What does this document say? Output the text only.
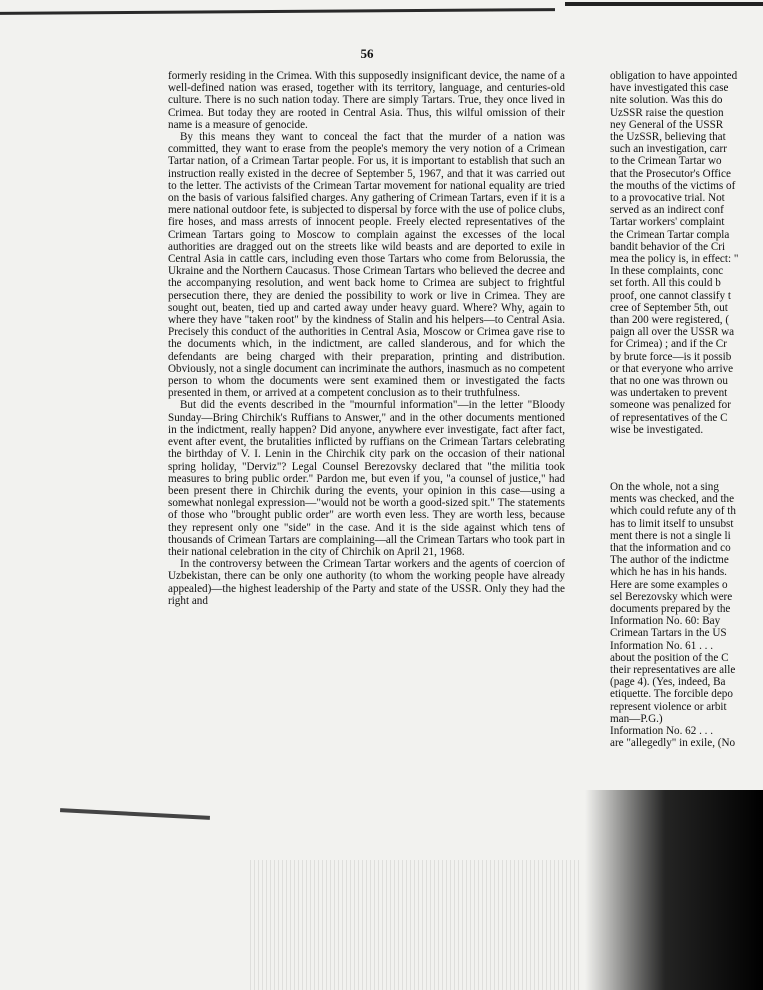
56

formerly residing in the Crimea. With this supposedly insignificant device, the name of a well-defined nation was erased, together with its territory, language, and centuries-old culture. There is no such nation today. There are simply Tartars. True, they once lived in Crimea. But today they are rooted in Central Asia. Thus, this wilful omission of their name is a measure of genocide.

By this means they want to conceal the fact that the murder of a nation was committed, they want to erase from the people's memory the very notion of a Crimean Tartar nation, of a Crimean Tartar people. For us, it is important to establish that such an instruction really existed in the decree of September 5, 1967, and that it was carried out to the letter. The activists of the Crimean Tartar movement for national equality are tried on the basis of various falsified charges. Any gathering of Crimean Tartars, even if it is a mere national outdoor fete, is subjected to dispersal by force with the use of police clubs, fire hoses, and mass arrests of innocent people. Freely elected representatives of the Crimean Tartars going to Moscow to complain against the excesses of the local authorities are dragged out on the streets like wild beasts and are deported to exile in Central Asia in cattle cars, including even those Tartars who come from Belorussia, the Ukraine and the Northern Caucasus. Those Crimean Tartars who believed the decree and the accompanying resolution, and went back home to Crimea are subject to frightful persecution there, they are denied the possibility to work or live in Crimea. They are sought out, beaten, tied up and carted away under heavy guard. Where? Why, again to where they have "taken root" by the kindness of Stalin and his helpers—to Central Asia. Precisely this conduct of the authorities in Central Asia, Moscow or Crimea gave rise to the documents which, in the indictment, are called slanderous, and for which the defendants are being charged with their preparation, printing and distribution. Obviously, not a single document can incriminate the authors, inasmuch as no competent person to whom the documents were sent examined them or investigated the facts presented in them, or arrived at a competent conclusion as to their truthfulness.

But did the events described in the "mournful information"—in the letter "Bloody Sunday—Bring Chirchik's Ruffians to Answer," and in the other documents mentioned in the indictment, really happen? Did anyone, anywhere ever investigate, fact after fact, event after event, the brutalities inflicted by ruffians on the Crimean Tartars celebrating the birthday of V. I. Lenin in the Chirchik city park on the occasion of their national spring holiday, "Derviz"? Legal Counsel Berezovsky declared that "the militia took measures to bring public order." Pardon me, but even if you, "a counsel of justice," had been present there in Chirchik during the events, your opinion in this case—using a somewhat nonlegal expression—"would not be worth a good-sized spit." The statements of those who "brought public order" are worth even less. They are worth less, because they represent only one "side" in the case. And it is the side against which tens of thousands of Crimean Tartars are complaining—all the Crimean Tartars who took part in their national celebration in the city of Chirchik on April 21, 1968.

In the controversy between the Crimean Tartar workers and the agents of coercion of Uzbekistan, there can be only one authority (to whom the working people have already appealed)—the highest leadership of the Party and state of the USSR. Only they had the right and

obligation to have appointed

have investigated this case

nite solution. Was this do

UzSSR raise the question

ney General of the USSR

the UzSSR, believing that

such an investigation, carr

to the Crimean Tartar wo

that the Prosecutor's Office

the mouths of the victims of

to a provocative trial. Not

served as an indirect conf

Tartar workers' complaint

the Crimean Tartar compla

bandit behavior of the Cri

mea the policy is, in effect: "

In these complaints, conc

set forth. All this could b

proof, one cannot classify t

cree of September 5th, out

than 200 were registered, (

paign all over the USSR wa

for Crimea) ; and if the Cr

by brute force—is it possib

or that everyone who arrive

that no one was thrown ou

was undertaken to prevent

someone was penalized for

of representatives of the C

wise be investigated.

On the whole, not a sing

ments was checked, and the

which could refute any of th

has to limit itself to unsubst

ment there is not a single li

that the information and co

The author of the indictme

which he has in his hands.

Here are some examples o

sel Berezovsky which were

documents prepared by the

Information No. 60: Bay

Crimean Tartars in the US

Information No. 61 . . .

about the position of the C

their representatives are alle

(page 4). (Yes, indeed, Ba

etiquette. The forcible depo

represent violence or arbit

man—P.G.)

Information No. 62 . . .

are "allegedly" in exile, (No
